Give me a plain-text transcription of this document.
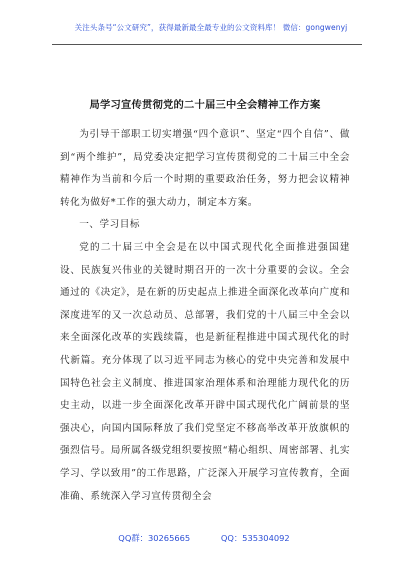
关注头条号“公文研究”，获得最新最全最专业的公文资料库！ 微信：gongwenyj
局学习宣传贯彻党的二十届三中全会精神工作方案

为引导干部职工切实增强“四个意识”、坚定“四个自信”、做到“两个维护”，局党委决定把学习宣传贯彻党的二十届三中全会精神作为当前和今后一个时期的重要政治任务，努力把会议精神转化为做好*工作的强大动力，制定本方案。

一、学习目标

党的二十届三中全会是在以中国式现代化全面推进强国建设、民族复兴伟业的关键时期召开的一次十分重要的会议。全会通过的《决定》，是在新的历史起点上推进全面深化改革向广度和深度进军的又一次总动员、总部署，我们党的十八届三中全会以来全面深化改革的实践续篇，也是新征程推进中国式现代化的时代新篇。充分体现了以习近平同志为核心的党中央完善和发展中国特色社会主义制度、推进国家治理体系和治理能力现代化的历史主动，以进一步全面深化改革开辟中国式现代化广阔前景的坚强决心，向国内国际释放了我们党坚定不移高举改革开放旗帜的强烈信号。局所属各级党组织要按照“精心组织、周密部署、扎实学习、学以致用”的工作思路，广泛深入开展学习宣传教育，全面准确、系统深入学习宣传贯彻全会

QQ群：30265665	QQ：535304092
